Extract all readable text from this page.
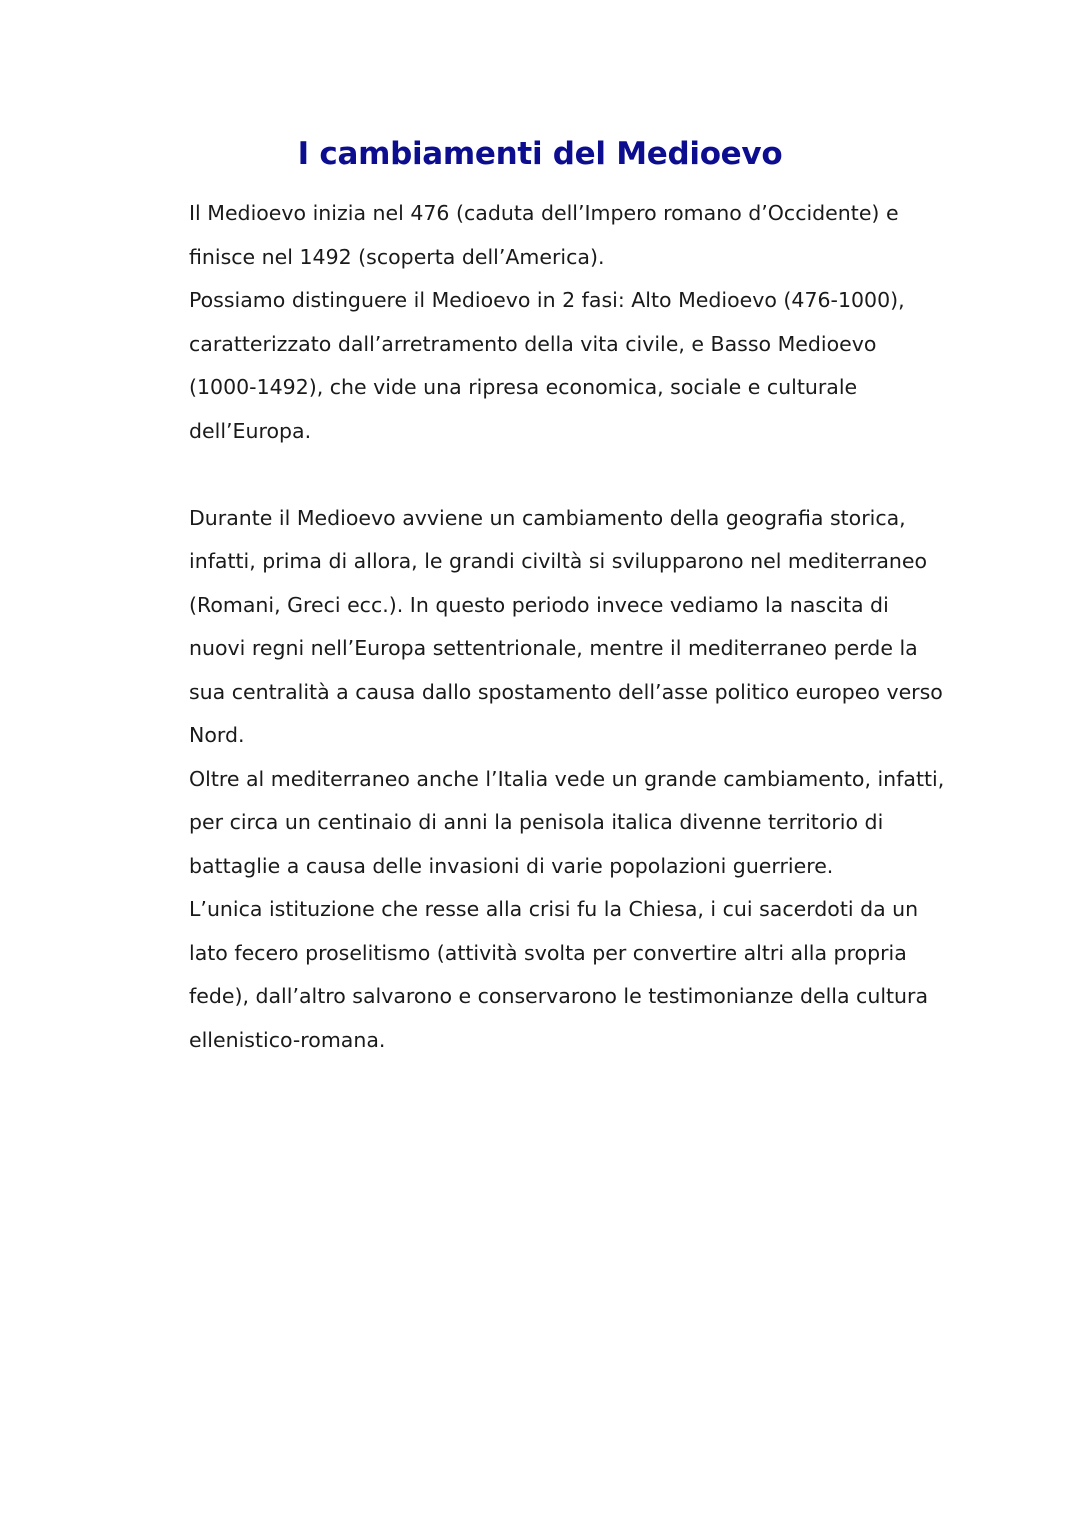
I cambiamenti del Medioevo
Il Medioevo inizia nel 476 (caduta dell’Impero romano d’Occidente) e
finisce nel 1492 (scoperta dell’America).
Possiamo distinguere il Medioevo in 2 fasi: Alto Medioevo (476-1000),
caratterizzato dall’arretramento della vita civile, e Basso Medioevo
(1000-1492), che vide una ripresa economica, sociale e culturale
dell’Europa.
Durante il Medioevo avviene un cambiamento della geografia storica,
infatti, prima di allora, le grandi civiltà si svilupparono nel mediterraneo
(Romani, Greci ecc.). In questo periodo invece vediamo la nascita di
nuovi regni nell’Europa settentrionale, mentre il mediterraneo perde la
sua centralità a causa dallo spostamento dell’asse politico europeo verso
Nord.
Oltre al mediterraneo anche l’Italia vede un grande cambiamento, infatti,
per circa un centinaio di anni la penisola italica divenne territorio di
battaglie a causa delle invasioni di varie popolazioni guerriere.
L’unica istituzione che resse alla crisi fu la Chiesa, i cui sacerdoti da un
lato fecero proselitismo (attività svolta per convertire altri alla propria
fede), dall’altro salvarono e conservarono le testimonianze della cultura
ellenistico-romana.
